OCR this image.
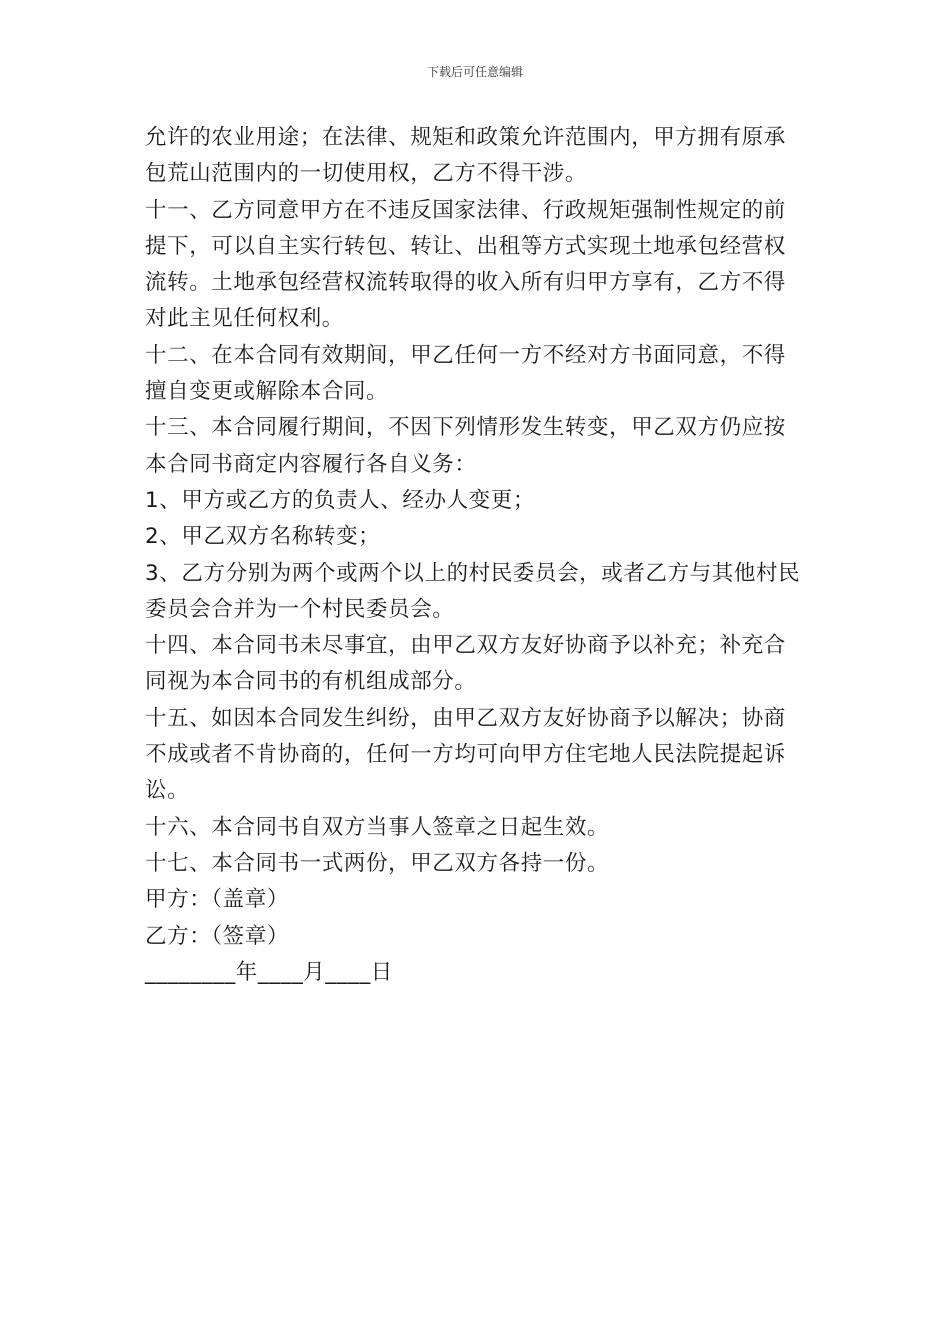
下载后可任意编辑

允许的农业用途；在法律、规矩和政策允许范围内，甲方拥有原承

包荒山范围内的一切使用权，乙方不得干涉。

十一、乙方同意甲方在不违反国家法律、行政规矩强制性规定的前

提下，可以自主实行转包、转让、出租等方式实现土地承包经营权

流转。土地承包经营权流转取得的收入所有归甲方享有，乙方不得

对此主见任何权利。

十二、在本合同有效期间，甲乙任何一方不经对方书面同意，不得

擅自变更或解除本合同。

十三、本合同履行期间，不因下列情形发生转变，甲乙双方仍应按

本合同书商定内容履行各自义务：

1、甲方或乙方的负责人、经办人变更；

2、甲乙双方名称转变；

3、乙方分别为两个或两个以上的村民委员会，或者乙方与其他村民

委员会合并为一个村民委员会。

十四、本合同书未尽事宜，由甲乙双方友好协商予以补充；补充合

同视为本合同书的有机组成部分。

十五、如因本合同发生纠纷，由甲乙双方友好协商予以解决；协商

不成或者不肯协商的，任何一方均可向甲方住宅地人民法院提起诉

讼。

十六、本合同书自双方当事人签章之日起生效。

十七、本合同书一式两份，甲乙双方各持一份。

甲方：（盖章）

乙方：（签章）

________年____月____日
